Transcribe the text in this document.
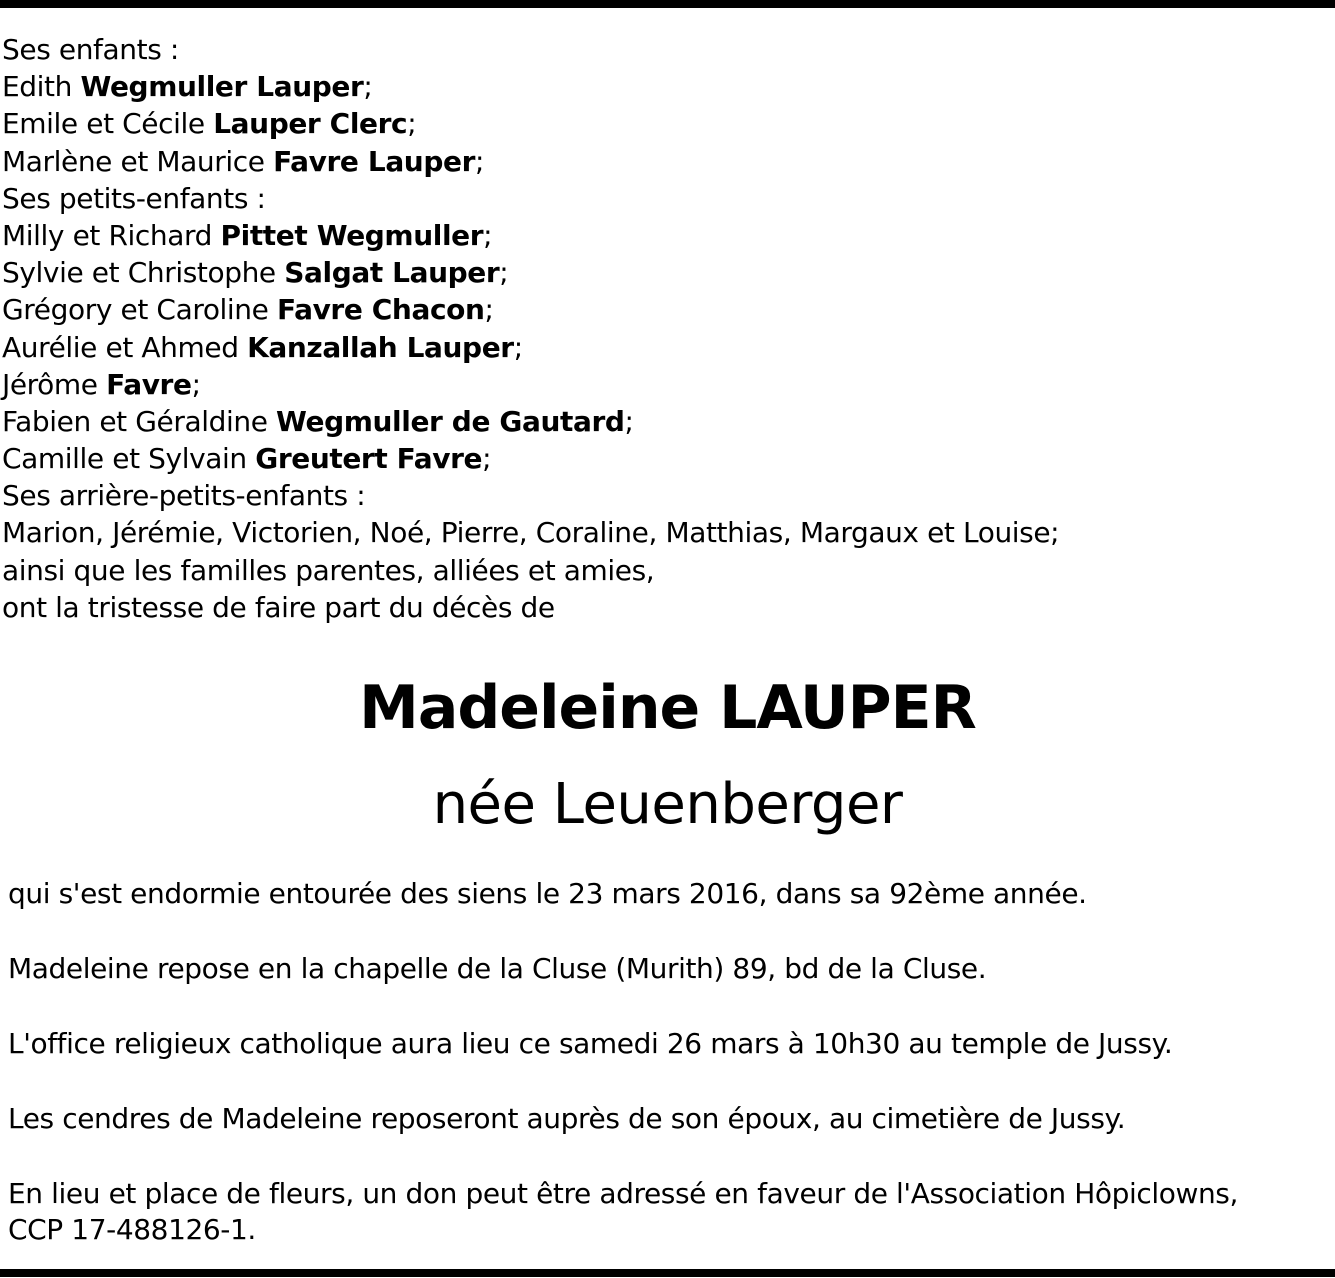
Ses enfants :
Edith Wegmuller Lauper;
Emile et Cécile Lauper Clerc;
Marlène et Maurice Favre Lauper;
Ses petits-enfants :
Milly et Richard Pittet Wegmuller;
Sylvie et Christophe Salgat Lauper;
Grégory et Caroline Favre Chacon;
Aurélie et Ahmed Kanzallah Lauper;
Jérôme Favre;
Fabien et Géraldine Wegmuller de Gautard;
Camille et Sylvain Greutert Favre;
Ses arrière-petits-enfants :
Marion, Jérémie, Victorien, Noé, Pierre, Coraline, Matthias, Margaux et Louise;
ainsi que les familles parentes, alliées et amies,
ont la tristesse de faire part du décès de
Madeleine LAUPER
née Leuenberger

qui s'est endormie entourée des siens le 23 mars 2016, dans sa 92ème année.

Madeleine repose en la chapelle de la Cluse (Murith) 89, bd de la Cluse.

L'office religieux catholique aura lieu ce samedi 26 mars à 10h30 au temple de Jussy.

Les cendres de Madeleine reposeront auprès de son époux, au cimetière de Jussy.

En lieu et place de fleurs, un don peut être adressé en faveur de l'Association Hôpiclowns,

CCP 17-488126-1.
